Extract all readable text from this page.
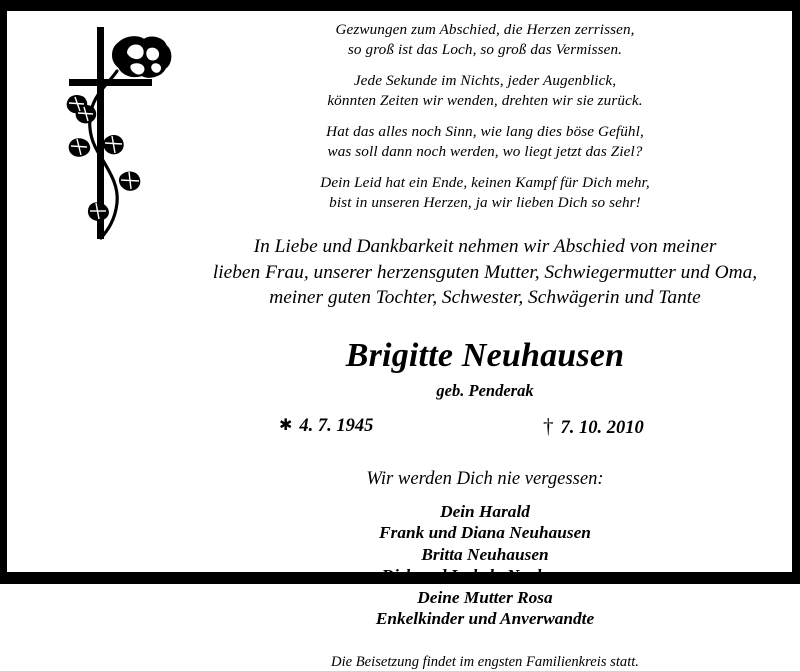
Gezwungen zum Abschied, die Herzen zerrissen,
so groß ist das Loch, so groß das Vermissen.
Jede Sekunde im Nichts, jeder Augenblick,
könnten Zeiten wir wenden, drehten wir sie zurück.
Hat das alles noch Sinn, wie lang dies böse Gefühl,
was soll dann noch werden, wo liegt jetzt das Ziel?
Dein Leid hat ein Ende, keinen Kampf für Dich mehr,
bist in unseren Herzen, ja wir lieben Dich so sehr!
In Liebe und Dankbarkeit nehmen wir Abschied von meiner
lieben Frau, unserer herzensguten Mutter, Schwiegermutter und Oma,
meiner guten Tochter, Schwester, Schwägerin und Tante
Brigitte Neuhausen
geb. Penderak
✱ 4. 7. 1945	† 7. 10. 2010
Wir werden Dich nie vergessen:
Dein Harald
Frank und Diana Neuhausen
Britta Neuhausen
Dirk und Izabela Neuhausen
Deine Mutter Rosa
Enkelkinder und Anverwandte
Die Beisetzung findet im engsten Familienkreis statt.
